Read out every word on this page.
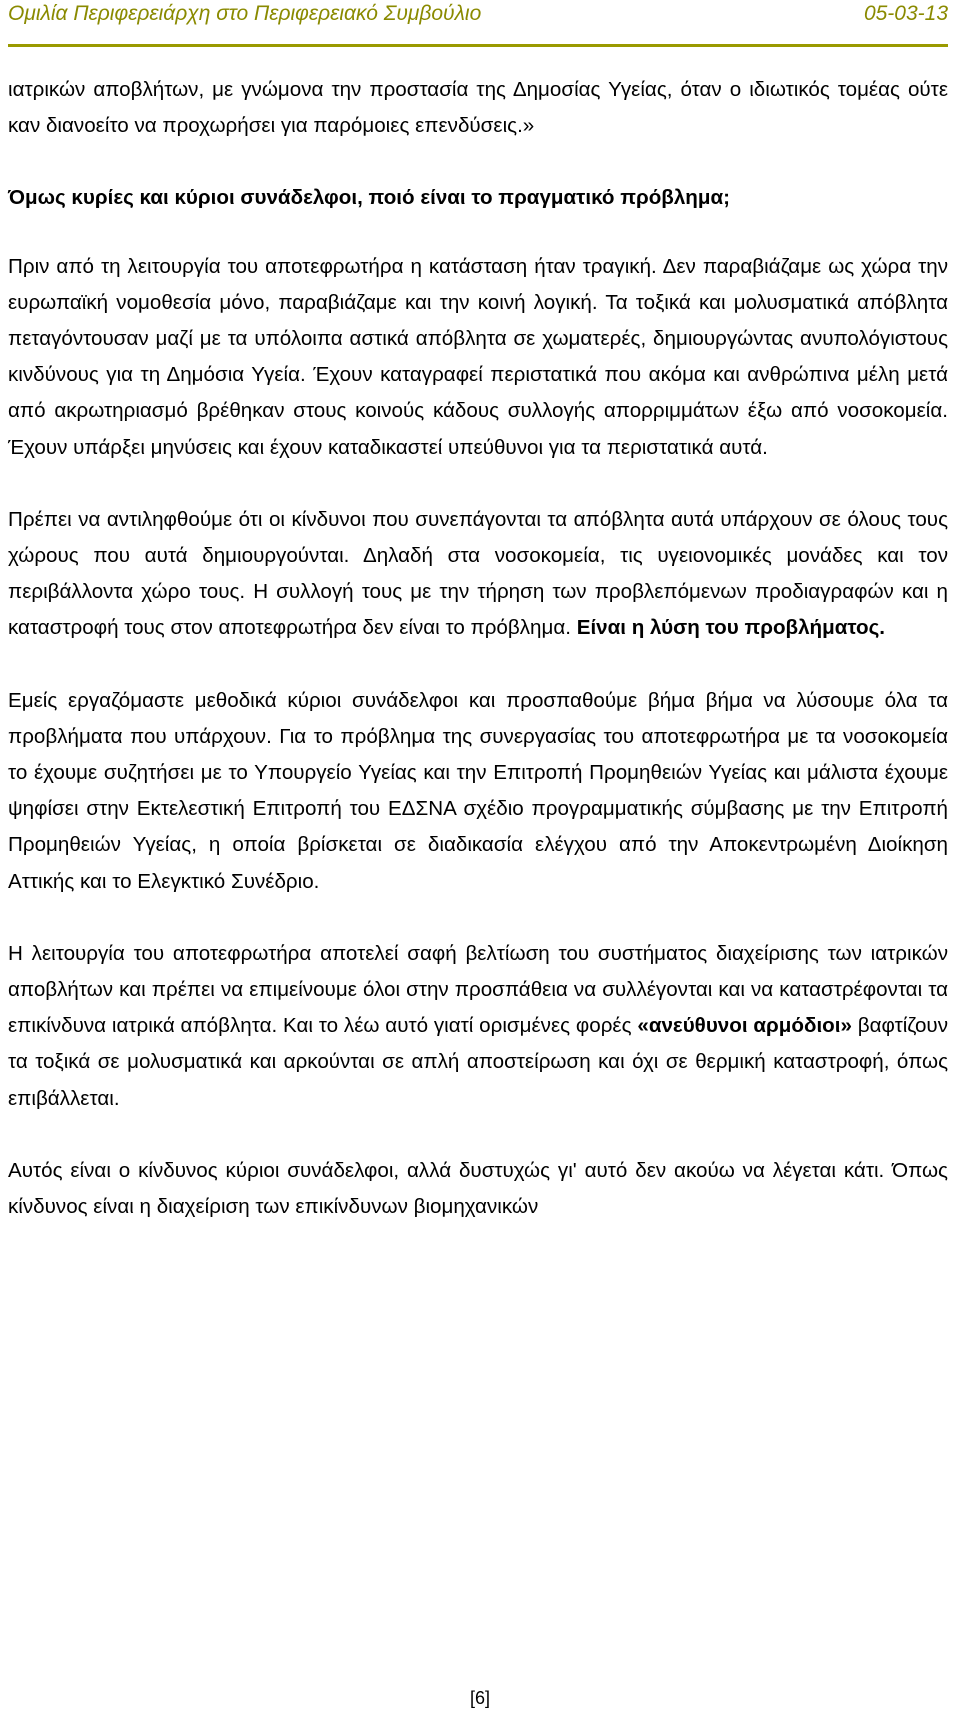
Ομιλία Περιφερειάρχη στο Περιφερειακό Συμβούλιο	05-03-13

ιατρικών αποβλήτων, με γνώμονα την προστασία της Δημοσίας Υγείας, όταν ο ιδιωτικός τομέας ούτε καν διανοείτο να προχωρήσει για παρόμοιες επενδύσεις.»

Όμως κυρίες και κύριοι συνάδελφοι, ποιό είναι το πραγματικό πρόβλημα;

Πριν από τη λειτουργία του αποτεφρωτήρα η κατάσταση ήταν τραγική. Δεν παραβιάζαμε ως χώρα την ευρωπαϊκή νομοθεσία μόνο, παραβιάζαμε και την κοινή λογική. Τα τοξικά και μολυσματικά απόβλητα πεταγόντουσαν μαζί με τα υπόλοιπα αστικά απόβλητα σε χωματερές, δημιουργώντας ανυπολόγιστους κινδύνους για τη Δημόσια Υγεία. Έχουν καταγραφεί περιστατικά που ακόμα και ανθρώπινα μέλη μετά από ακρωτηριασμό βρέθηκαν στους κοινούς κάδους συλλογής απορριμμάτων έξω από νοσοκομεία. Έχουν υπάρξει μηνύσεις και έχουν καταδικαστεί υπεύθυνοι για τα περιστατικά αυτά.

Πρέπει να αντιληφθούμε ότι οι κίνδυνοι που συνεπάγονται τα απόβλητα αυτά υπάρχουν σε όλους τους χώρους που αυτά δημιουργούνται. Δηλαδή στα νοσοκομεία, τις υγειονομικές μονάδες και τον περιβάλλοντα χώρο τους. Η συλλογή τους με την τήρηση των προβλεπόμενων προδιαγραφών και η καταστροφή τους στον αποτεφρωτήρα δεν είναι το πρόβλημα. Είναι η λύση του προβλήματος.

Εμείς εργαζόμαστε μεθοδικά κύριοι συνάδελφοι και προσπαθούμε βήμα βήμα να λύσουμε όλα τα προβλήματα που υπάρχουν. Για το πρόβλημα της συνεργασίας του αποτεφρωτήρα με τα νοσοκομεία το έχουμε συζητήσει με το Υπουργείο Υγείας και την Επιτροπή Προμηθειών Υγείας και μάλιστα έχουμε ψηφίσει στην Εκτελεστική Επιτροπή του ΕΔΣΝΑ σχέδιο προγραμματικής σύμβασης με την Επιτροπή Προμηθειών Υγείας, η οποία βρίσκεται σε διαδικασία ελέγχου από την Αποκεντρωμένη Διοίκηση Αττικής και το Ελεγκτικό Συνέδριο.

Η λειτουργία του αποτεφρωτήρα αποτελεί σαφή βελτίωση του συστήματος διαχείρισης των ιατρικών αποβλήτων και πρέπει να επιμείνουμε όλοι στην προσπάθεια να συλλέγονται και να καταστρέφονται τα επικίνδυνα ιατρικά απόβλητα. Και το λέω αυτό γιατί ορισμένες φορές «ανεύθυνοι αρμόδιοι» βαφτίζουν τα τοξικά σε μολυσματικά και αρκούνται σε απλή αποστείρωση και όχι σε θερμική καταστροφή, όπως επιβάλλεται.

Αυτός είναι ο κίνδυνος κύριοι συνάδελφοι, αλλά δυστυχώς γι' αυτό δεν ακούω να λέγεται κάτι. Όπως κίνδυνος είναι η διαχείριση των επικίνδυνων βιομηχανικών

[6]
